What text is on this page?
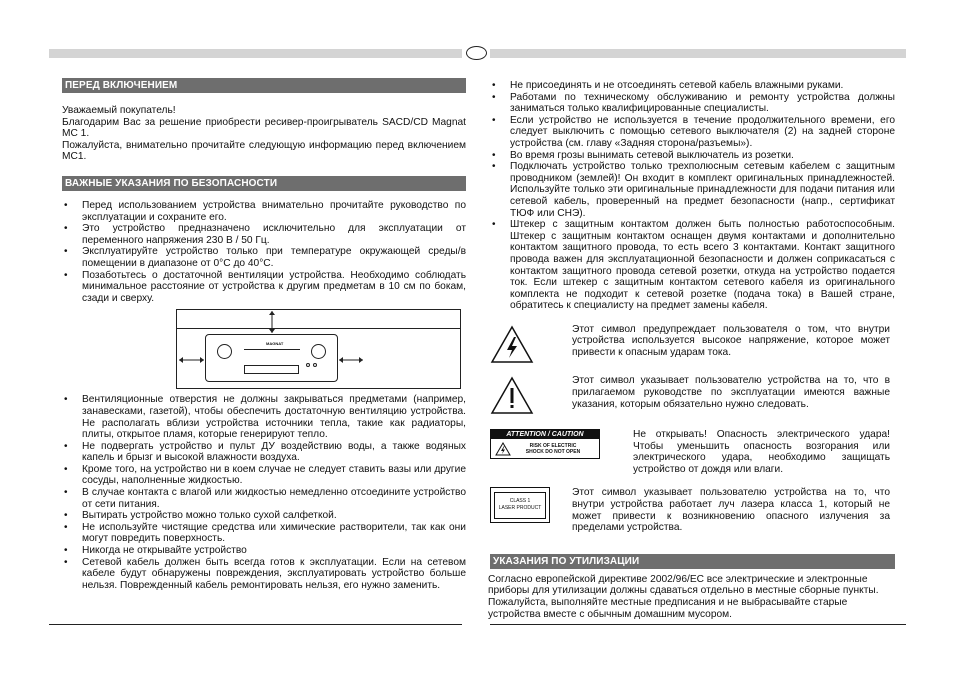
ПЕРЕД ВКЛЮЧЕНИЕМ

Уважаемый покупатель!

Благодарим Вас за решение приобрести ресивер-проигрыватель SACD/CD Magnat MC 1.

Пожалуйста, внимательно прочитайте следующую информацию перед включением MC1.

ВАЖНЫЕ УКАЗАНИЯ ПО БЕЗОПАСНОСТИ
• Перед использованием устройства внимательно прочитайте руководство по эксплуатации и сохраните его.
• Это устройство предназначено исключительно для эксплуатации от переменного напряжения 230 В / 50 Гц.
• Эксплуатируйте устройство только при температуре окружающей среды/в помещении в диапазоне от 0°C до 40°C.
• Позаботьтесь о достаточной вентиляции устройства. Необходимо соблюдать минимальное расстояние от устройства к другим предметам в 10 см по бокам, сзади и сверху.
MAGNAT
• Вентиляционные отверстия не должны закрываться предметами (например, занавесками, газетой), чтобы обеспечить достаточную вентиляцию устройства. Не располагать вблизи устройства источники тепла, такие как радиаторы, плиты, открытое пламя, которые генерируют тепло.
• Не подвергать устройство и пульт ДУ воздействию воды, а также водяных капель и брызг и высокой влажности воздуха.
• Кроме того, на устройство ни в коем случае не следует ставить вазы или другие сосуды, наполненные жидкостью.
• В случае контакта с влагой или жидкостью немедленно отсоедините устройство от сети питания.
• Вытирать устройство можно только сухой салфеткой.
• Не используйте чистящие средства или химические растворители, так как они могут повредить поверхность.
• Никогда не открывайте устройство
• Сетевой кабель должен быть всегда готов к эксплуатации. Если на сетевом кабеле будут обнаружены повреждения, эксплуатировать устройство больше нельзя. Поврежденный кабель ремонтировать нельзя, его нужно заменить.
• Не присоединять и не отсоединять сетевой кабель влажными руками.
• Работами по техническому обслуживанию и ремонту устройства должны заниматься только квалифицированные специалисты.
• Если устройство не используется в течение продолжительного времени, его следует выключить с помощью сетевого выключателя (2) на задней стороне устройства (см. главу «Задняя сторона/разъемы»).
• Во время грозы вынимать сетевой выключатель из розетки.
• Подключать устройство только трехполюсным сетевым кабелем с защитным проводником (землей)! Он входит в комплект оригинальных принадлежностей. Используйте только эти оригинальные принадлежности для подачи питания или сетевой кабель, проверенный на предмет безопасности (напр., сертификат ТЮФ или СНЭ).
• Штекер с защитным контактом должен быть полностью работоспособным. Штекер с защитным контактом оснащен двумя контактами и дополнительно контактом защитного провода, то есть всего 3 контактами. Контакт защитного провода важен для эксплуатационной безопасности и должен соприкасаться с контактом защитного провода сетевой розетки, откуда на устройство подается ток. Если штекер с защитным контактом сетевого кабеля из оригинального комплекта не подходит к сетевой розетке (подача тока) в Вашей стране, обратитесь к специалисту на предмет замены кабеля.

Этот символ предупреждает пользователя о том, что внутри устройства используется высокое напряжение, которое может привести к опасным ударам тока.

Этот символ указывает пользователю устройства на то, что в прилагаемом руководстве по эксплуатации имеются важные указания, которым обязательно нужно следовать.

ATTENTION / CAUTION
RISK OF ELECTRIC
SHOCK DO NOT OPEN

Не открывать! Опасность электрического удара! Чтобы уменьшить опасность возгорания или электрического удара, необходимо защищать устройство от дождя или влаги.

CLASS 1
LASER PRODUCT

Этот символ указывает пользователю устройства на то, что внутри устройства работает луч лазера класса 1, который не может привести к возникновению опасного излучения за пределами устройства.

УКАЗАНИЯ ПО УТИЛИЗАЦИИ

Согласно европейской директиве 2002/96/EC все электрические и электронные приборы для утилизации должны сдаваться отдельно в местные сборные пункты. Пожалуйста, выполняйте местные предписания и не выбрасывайте старые устройства вместе с обычным домашним мусором.
